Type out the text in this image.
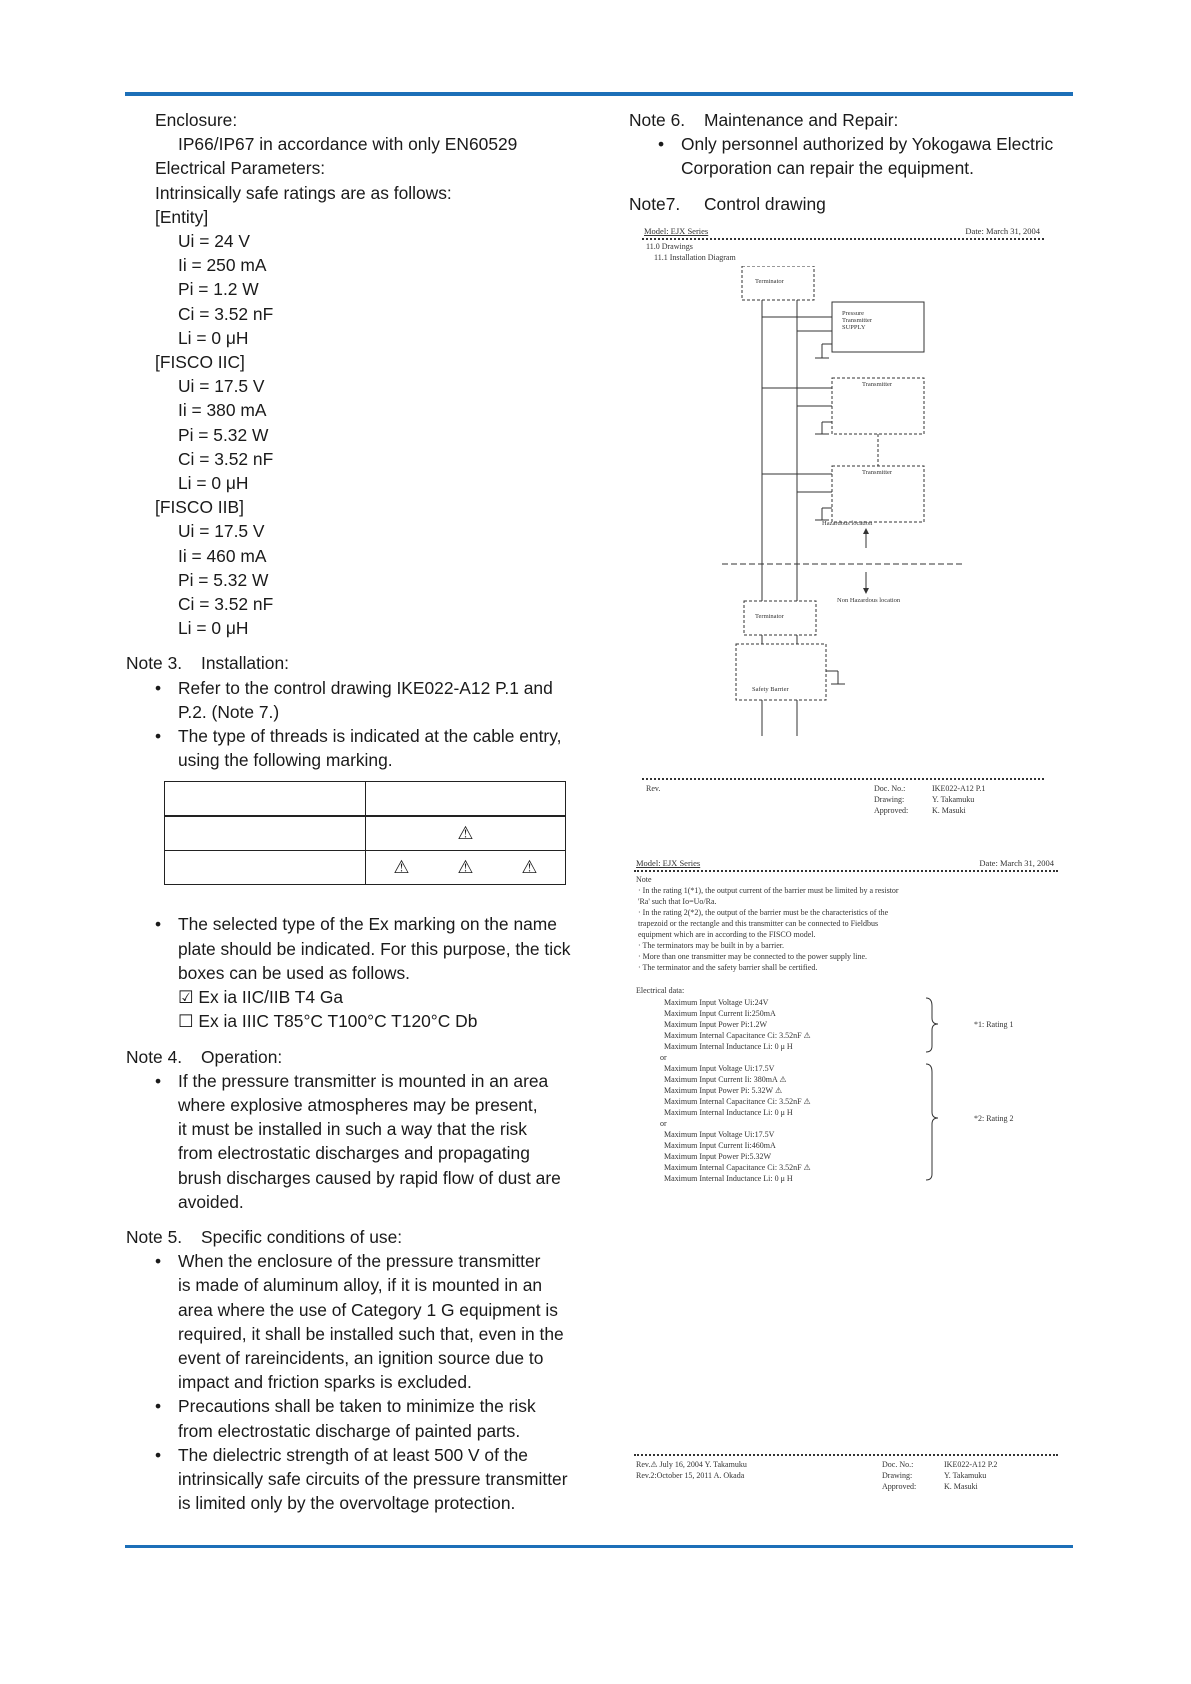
Enclosure:
IP66/IP67 in accordance with only EN60529
Electrical Parameters:
Intrinsically safe ratings are as follows:
[Entity]
Ui = 24 V
Ii = 250 mA
Pi = 1.2 W
Ci = 3.52 nF
Li = 0 μH
[FISCO IIC]
Ui = 17.5 V
Ii = 380 mA
Pi = 5.32 W
Ci = 3.52 nF
Li = 0 μH
[FISCO IIB]
Ui = 17.5 V
Ii = 460 mA
Pi = 5.32 W
Ci = 3.52 nF
Li = 0 μH
Note 3. Installation:
• Refer to the control drawing IKE022-A12 P.1 and
P.2. (Note 7.)
• The type of threads is indicated at the cable entry,
using the following marking.
• The selected type of the Ex marking on the name
plate should be indicated. For this purpose, the tick
boxes can be used as follows.
☑ Ex ia IIC/IIB T4 Ga
☐ Ex ia IIIC T85°C T100°C T120°C Db
Note 4. Operation:
• If the pressure transmitter is mounted in an area
where explosive atmospheres may be present,
it must be installed in such a way that the risk
from electrostatic discharges and propagating
brush discharges caused by rapid flow of dust are
avoided.
Note 5. Specific conditions of use:
• When the enclosure of the pressure transmitter
is made of aluminum alloy, if it is mounted in an
area where the use of Category 1 G equipment is
required, it shall be installed such that, even in the
event of rareincidents, an ignition source due to
impact and friction sparks is excluded.
• Precautions shall be taken to minimize the risk
from electrostatic discharge of painted parts.
• The dielectric strength of at least 500 V of the
intrinsically safe circuits of the pressure transmitter
is limited only by the overvoltage protection.

	⚠
	⚠ ⚠ ⚠
Note 6. Maintenance and Repair:
• Only personnel authorized by Yokogawa Electric
Corporation can repair the equipment.
Note7. Control drawing
Model: EJX Series	Date: March 31, 2004
11.0 Drawings
11.1 Installation Diagram
Terminator
Pressure Transmitter
SUPPLY
Transmitter
Transmitter
Hazardous location
Non Hazardous location
Terminator
Safety Barrier
Rev.	Doc. No.:	IKE022-A12 P.1
Drawing:	Y. Takamuku
Approved:	K. Masuki
Model: EJX Series	Date: March 31, 2004
Note
· In the rating 1(*1), the output current of the barrier must be limited by a resistor
'Ra' such that Io=Uo/Ra.
· In the rating 2(*2), the output of the barrier must be the characteristics of the
trapezoid or the rectangle and this transmitter can be connected to Fieldbus
equipment which are in according to the FISCO model.
· The terminators may be built in by a barrier.
· More than one transmitter may be connected to the power supply line.
· The terminator and the safety barrier shall be certified.
Electrical data:
Maximum Input Voltage Ui:24V
Maximum Input Current Ii:250mA
Maximum Input Power Pi:1.2W
Maximum Internal Capacitance Ci: 3.52nF ⚠
Maximum Internal Inductance Li: 0 μ H
or
Maximum Input Voltage Ui:17.5V
Maximum Input Current Ii: 380mA ⚠
Maximum Input Power Pi: 5.32W ⚠
Maximum Internal Capacitance Ci: 3.52nF ⚠
Maximum Internal Inductance Li: 0 μ H
or
Maximum Input Voltage Ui:17.5V
Maximum Input Current Ii:460mA
Maximum Input Power Pi:5.32W
Maximum Internal Capacitance Ci: 3.52nF ⚠
Maximum Internal Inductance Li: 0 μ H
*1: Rating 1
*2: Rating 2
Rev.⚠ July 16, 2004 Y. Takamuku
Rev.2:October 15, 2011 A. Okada
Doc. No.:	IKE022-A12 P.2
Drawing:	Y. Takamuku
Approved:	K. Masuki
